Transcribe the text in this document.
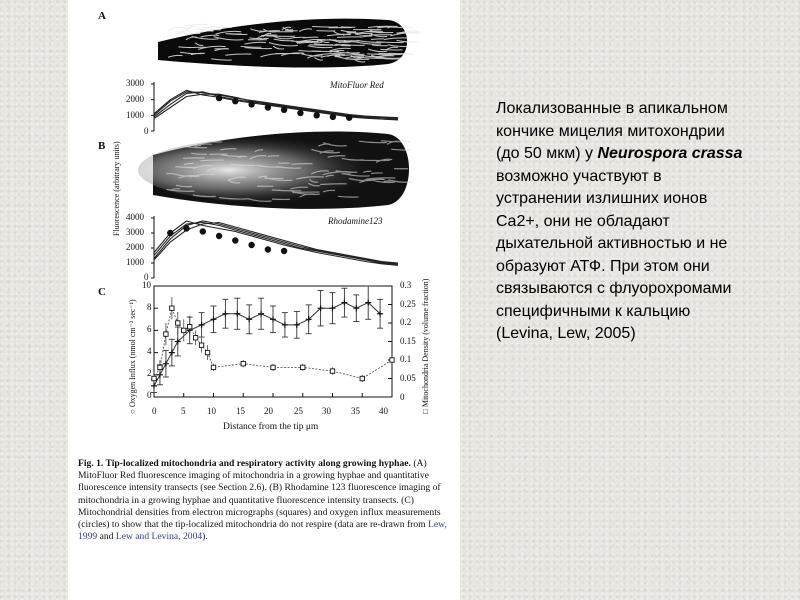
A
MitoFluor Red
3000
2000
1000
0
B
Rhodamine123
4000
3000
2000
1000
0
Fluorescence (arbitrary units)
C
10
8
6
4
2
0
0.3
0.25
0.2
0.15
0.1
0.05
0
0	5 10 15 20 25 30 35 40
○ Oxygen Influx (nmol cm⁻² sec⁻¹)	□ Mitochondria Density (volume fraction)
Distance from the tip μm
Fig. 1. Tip-localized mitochondria and respiratory activity along growing hyphae. (A) MitoFluor Red fluorescence imaging of mitochondria in a growing hyphae and quantitative fluorescence intensity transects (see Section 2.6). (B) Rhodamine 123 fluorescence imaging of mitochondria in a growing hyphae and quantitative fluorescence intensity transects. (C) Mitochondrial densities from electron micrographs (squares) and oxygen influx measurements (circles) to show that the tip-localized mitochondria do not respire (data are re-drawn from Lew, 1999 and Lew and Levina, 2004).
Локализованные в апикальном кончике мицелия митохондрии (до 50 мкм) у Neurospora crassa возможно участвуют в устранении излишних ионов Ca2+, они не обладают дыхательной активностью и не образуют АТФ. При этом они связываются с флуорохромами специфичными к кальцию (Levina, Lew, 2005)
